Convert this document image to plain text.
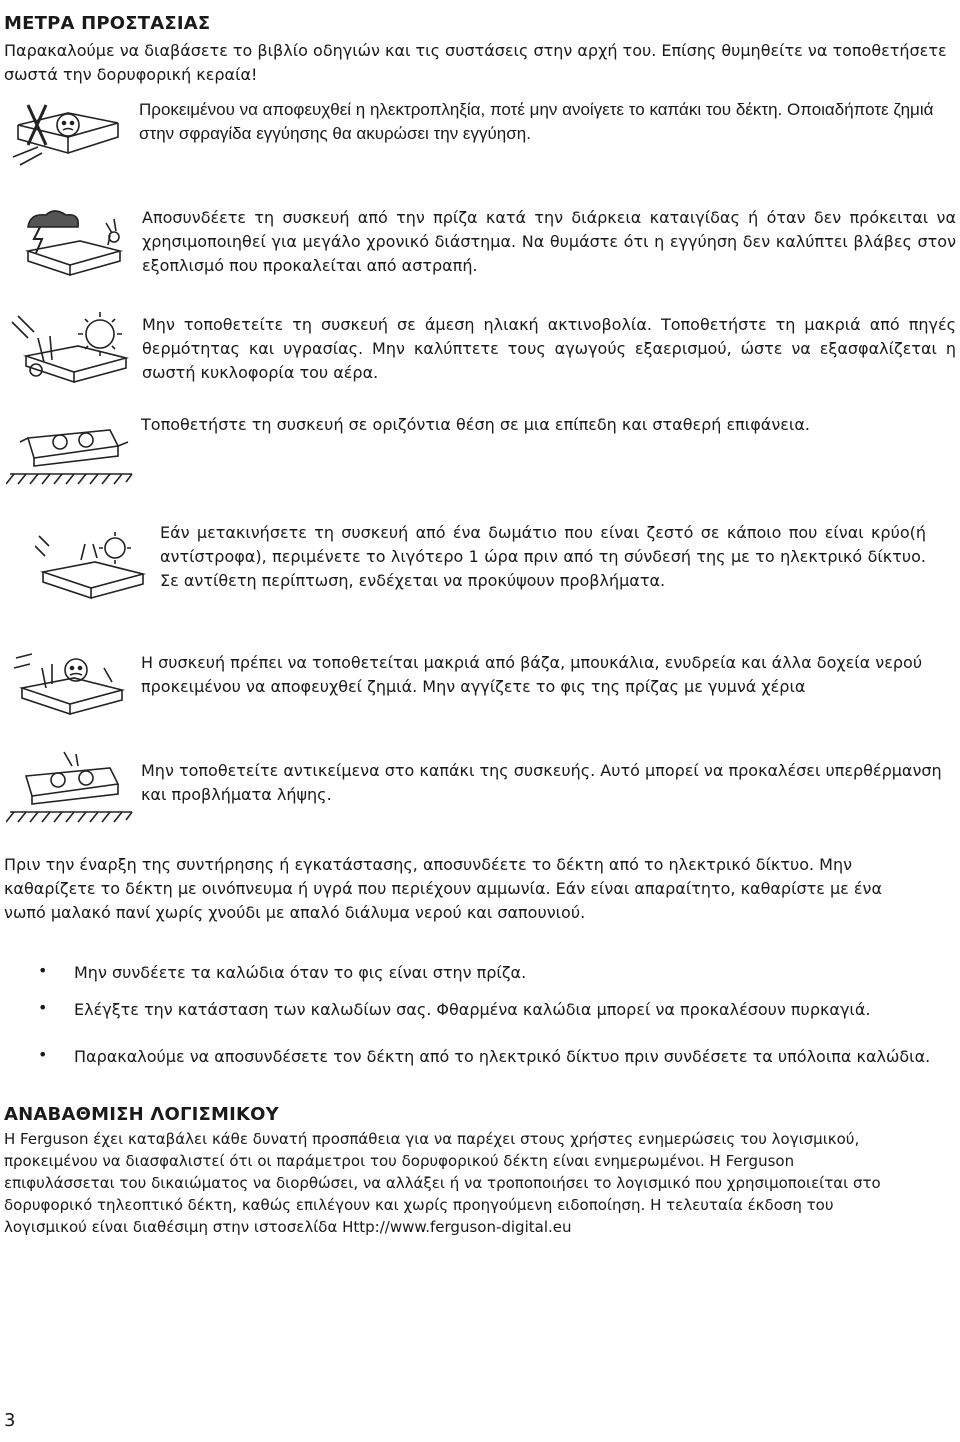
ΜΕΤΡΑ ΠΡΟΣΤΑΣΙΑΣ
Παρακαλούμε να διαβάσετε το βιβλίο οδηγιών και τις συστάσεις στην αρχή του. Επίσης θυμηθείτε να τοποθετήσετε σωστά την δορυφορική κεραία!
Προκειμένου να αποφευχθεί η ηλεκτροπληξία, ποτέ μην ανοίγετε το καπάκι του δέκτη. Οποιαδήποτε ζημιά στην σφραγίδα εγγύησης θα ακυρώσει την εγγύηση.
Αποσυνδέετε τη συσκευή από την πρίζα κατά την διάρκεια καταιγίδας ή όταν δεν πρόκειται να χρησιμοποιηθεί για μεγάλο χρονικό διάστημα. Να θυμάστε ότι η εγγύηση δεν καλύπτει βλάβες στον εξοπλισμό που προκαλείται από αστραπή.
Μην τοποθετείτε τη συσκευή σε άμεση ηλιακή ακτινοβολία. Τοποθετήστε τη μακριά από πηγές θερμότητας και υγρασίας. Μην καλύπτετε τους αγωγούς εξαερισμού, ώστε να εξασφαλίζεται η σωστή κυκλοφορία του αέρα.
Τοποθετήστε τη συσκευή σε οριζόντια θέση σε μια επίπεδη και σταθερή επιφάνεια.
Εάν μετακινήσετε τη συσκευή από ένα δωμάτιο που είναι ζεστό σε κάποιο που είναι κρύο(ή αντίστροφα), περιμένετε το λιγότερο 1 ώρα πριν από τη σύνδεσή της με το ηλεκτρικό δίκτυο. Σε αντίθετη περίπτωση, ενδέχεται να προκύψουν προβλήματα.
Η συσκευή πρέπει να τοποθετείται μακριά από βάζα, μπουκάλια, ενυδρεία και άλλα δοχεία νερού προκειμένου να αποφευχθεί ζημιά. Μην αγγίζετε το φις της πρίζας με γυμνά χέρια
Μην τοποθετείτε αντικείμενα στο καπάκι της συσκευής. Αυτό μπορεί να προκαλέσει υπερθέρμανση και προβλήματα λήψης.
Πριν την έναρξη της συντήρησης ή εγκατάστασης, αποσυνδέετε το δέκτη από το ηλεκτρικό δίκτυο. Μην καθαρίζετε το δέκτη με οινόπνευμα ή υγρά που περιέχουν αμμωνία. Εάν είναι απαραίτητο, καθαρίστε με ένα νωπό μαλακό πανί χωρίς χνούδι με απαλό διάλυμα νερού και σαπουνιού.
• Μην συνδέετε τα καλώδια όταν το φις είναι στην πρίζα.
• Ελέγξτε την κατάσταση των καλωδίων σας. Φθαρμένα καλώδια μπορεί να προκαλέσουν πυρκαγιά.
• Παρακαλούμε να αποσυνδέσετε τον δέκτη από το ηλεκτρικό δίκτυο πριν συνδέσετε τα υπόλοιπα καλώδια.
ΑΝΑΒΑΘΜΙΣΗ ΛΟΓΙΣΜΙΚΟΥ
Η Ferguson έχει καταβάλει κάθε δυνατή προσπάθεια για να παρέχει στους χρήστες ενημερώσεις του λογισμικού, προκειμένου να διασφαλιστεί ότι οι παράμετροι του δορυφορικού δέκτη είναι ενημερωμένοι. Η Ferguson επιφυλάσσεται του δικαιώματος να διορθώσει, να αλλάξει ή να τροποποιήσει το λογισμικό που χρησιμοποιείται στο δορυφορικό τηλεοπτικό δέκτη, καθώς επιλέγουν και χωρίς προηγούμενη ειδοποίηση. Η τελευταία έκδοση του λογισμικού είναι διαθέσιμη στην ιστοσελίδα Http://www.ferguson-digital.eu
3
